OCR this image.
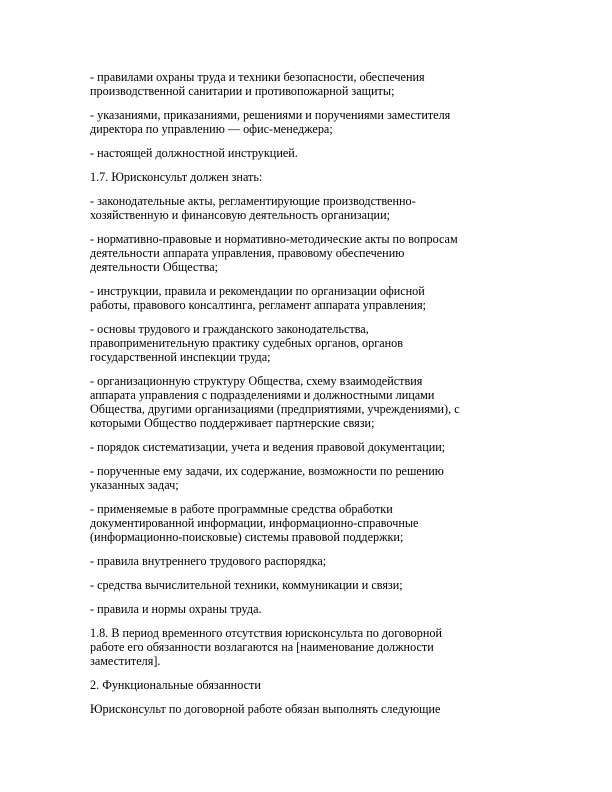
- правилами охраны труда и техники безопасности, обеспечения
производственной санитарии и противопожарной защиты;

- указаниями, приказаниями, решениями и поручениями заместителя
директора по управлению — офис-менеджера;

- настоящей должностной инструкцией.

1.7. Юрисконсульт должен знать:

- законодательные акты, регламентирующие производственно-
хозяйственную и финансовую деятельность организации;

- нормативно-правовые и нормативно-методические акты по вопросам
деятельности аппарата управления, правовому обеспечению
деятельности Общества;

- инструкции, правила и рекомендации по организации офисной
работы, правового консалтинга, регламент аппарата управления;

- основы трудового и гражданского законодательства,
правоприменительную практику судебных органов, органов
государственной инспекции труда;

- организационную структуру Общества, схему взаимодействия
аппарата управления с подразделениями и должностными лицами
Общества, другими организациями (предприятиями, учреждениями), с
которыми Общество поддерживает партнерские связи;

- порядок систематизации, учета и ведения правовой документации;

- порученные ему задачи, их содержание, возможности по решению
указанных задач;

- применяемые в работе программные средства обработки
документированной информации, информационно-справочные
(информационно-поисковые) системы правовой поддержки;

- правила внутреннего трудового распорядка;

- средства вычислительной техники, коммуникации и связи;

- правила и нормы охраны труда.

1.8. В период временного отсутствия юрисконсульта по договорной
работе его обязанности возлагаются на [наименование должности
заместителя].

2. Функциональные обязанности

Юрисконсульт по договорной работе обязан выполнять следующие
